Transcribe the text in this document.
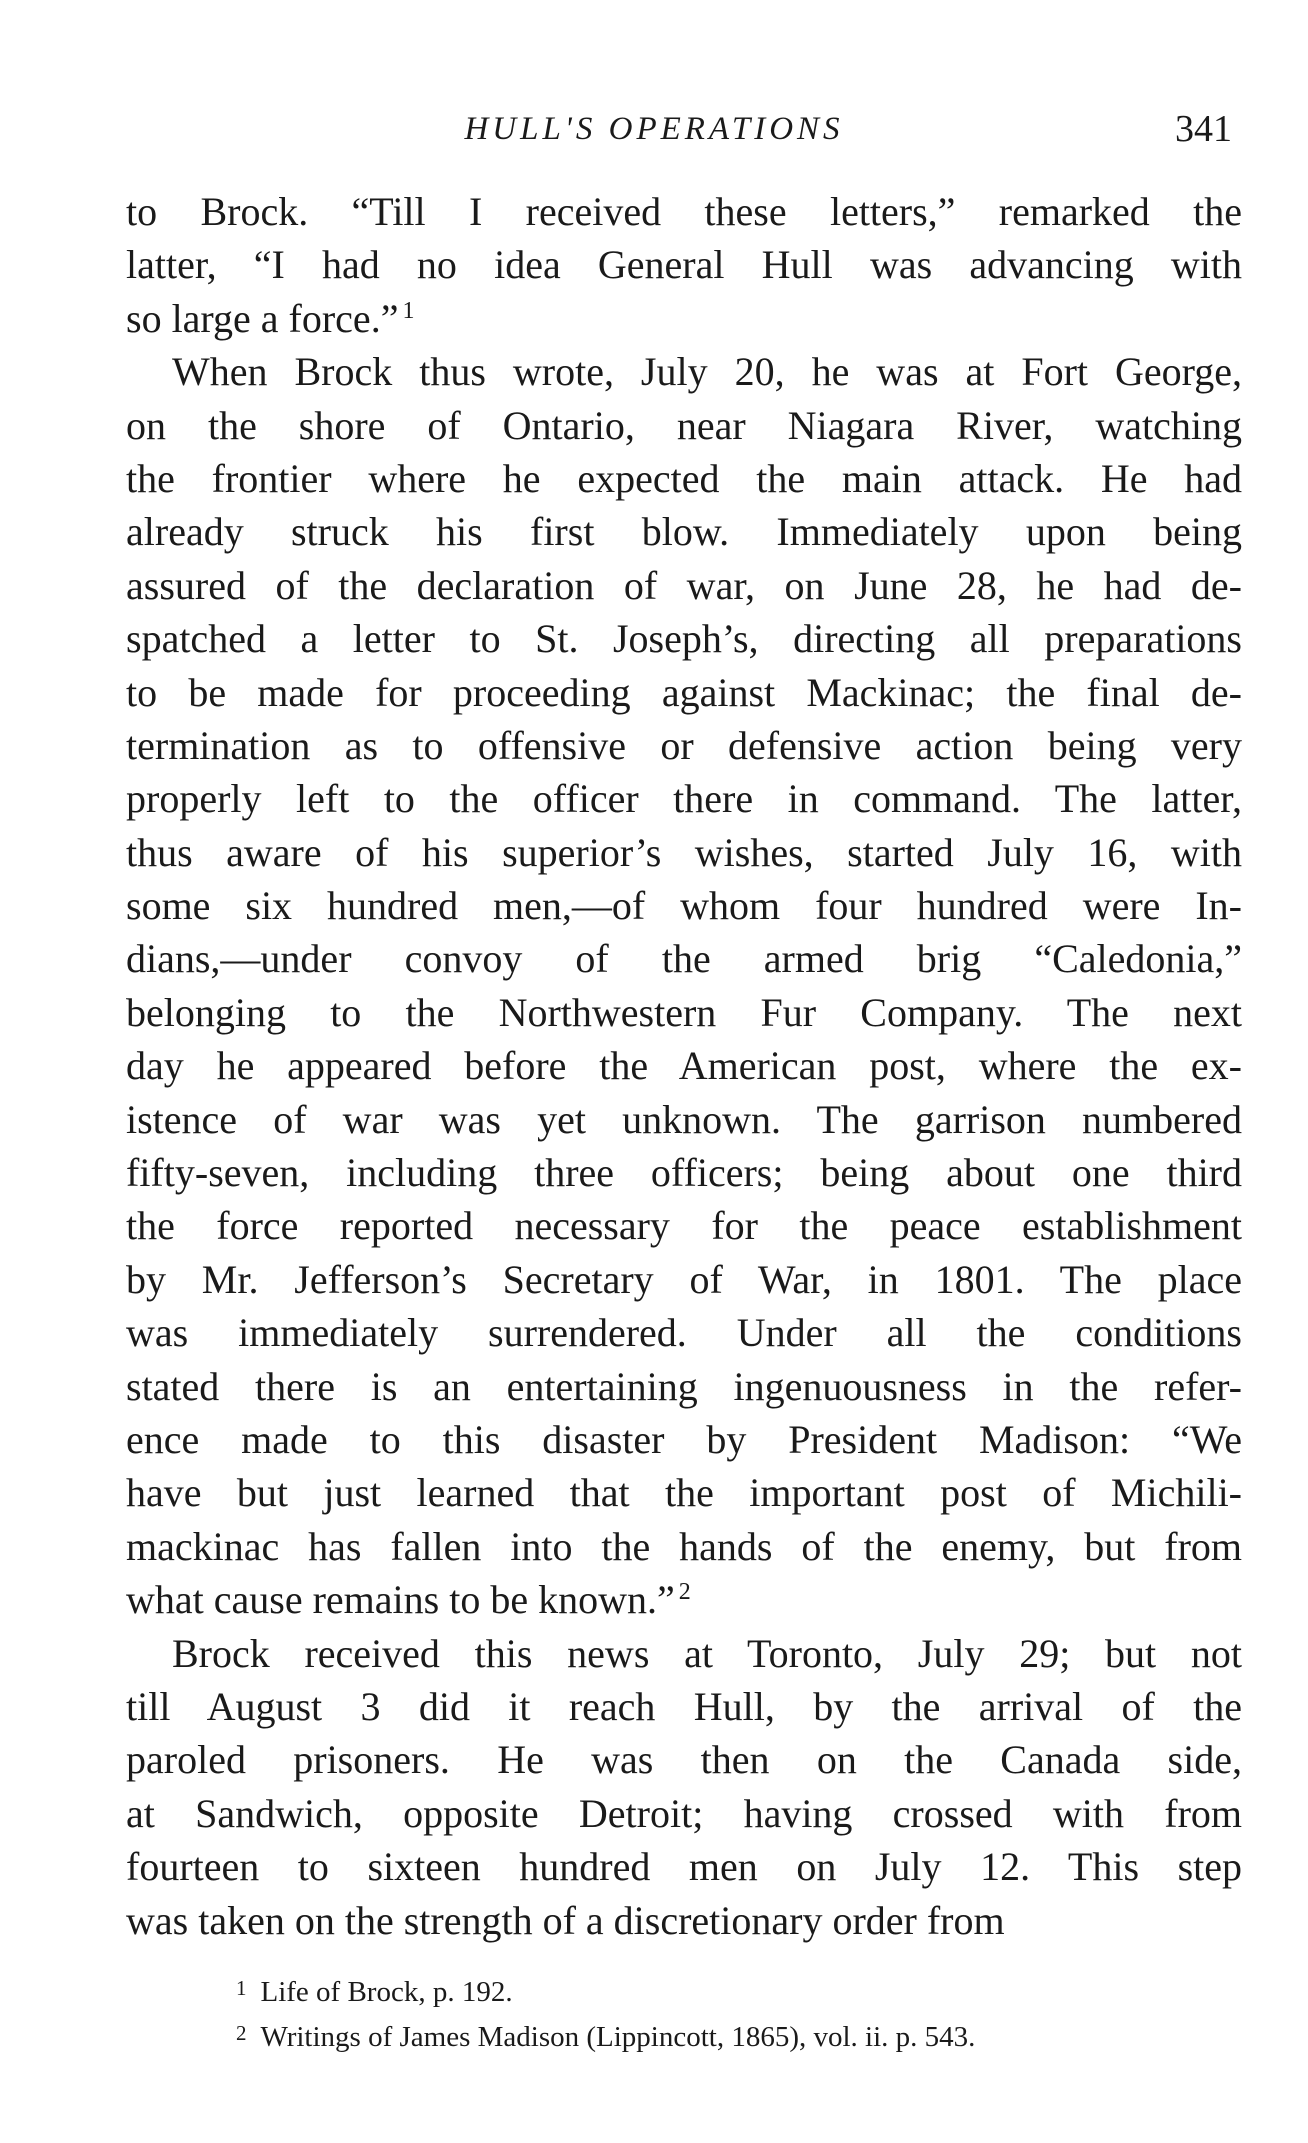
HULL'S OPERATIONS	341
to Brock. “Till I received these letters,” remarked the
latter, “I had no idea General Hull was advancing with
so large a force.” $^1$
When Brock thus wrote, July 20, he was at Fort George,
on the shore of Ontario, near Niagara River, watching
the frontier where he expected the main attack. He had
already struck his first blow. Immediately upon being
assured of the declaration of war, on June 28, he had de-
spatched a letter to St. Joseph’s, directing all preparations
to be made for proceeding against Mackinac; the final de-
termination as to offensive or defensive action being very
properly left to the officer there in command. The latter,
thus aware of his superior’s wishes, started July 16, with
some six hundred men,—of whom four hundred were In-
dians,—under convoy of the armed brig “Caledonia,”
belonging to the Northwestern Fur Company. The next
day he appeared before the American post, where the ex-
istence of war was yet unknown. The garrison numbered
fifty-seven, including three officers; being about one third
the force reported necessary for the peace establishment
by Mr. Jefferson’s Secretary of War, in 1801. The place
was immediately surrendered. Under all the conditions
stated there is an entertaining ingenuousness in the refer-
ence made to this disaster by President Madison: “We
have but just learned that the important post of Michili-
mackinac has fallen into the hands of the enemy, but from
what cause remains to be known.” $^2$
Brock received this news at Toronto, July 29; but not
till August 3 did it reach Hull, by the arrival of the
paroled prisoners. He was then on the Canada side,
at Sandwich, opposite Detroit; having crossed with from
fourteen to sixteen hundred men on July 12. This step
was taken on the strength of a discretionary order from
$^1$ Life of Brock, p. 192.
$^2$ Writings of James Madison (Lippincott, 1865), vol. ii. p. 543.
